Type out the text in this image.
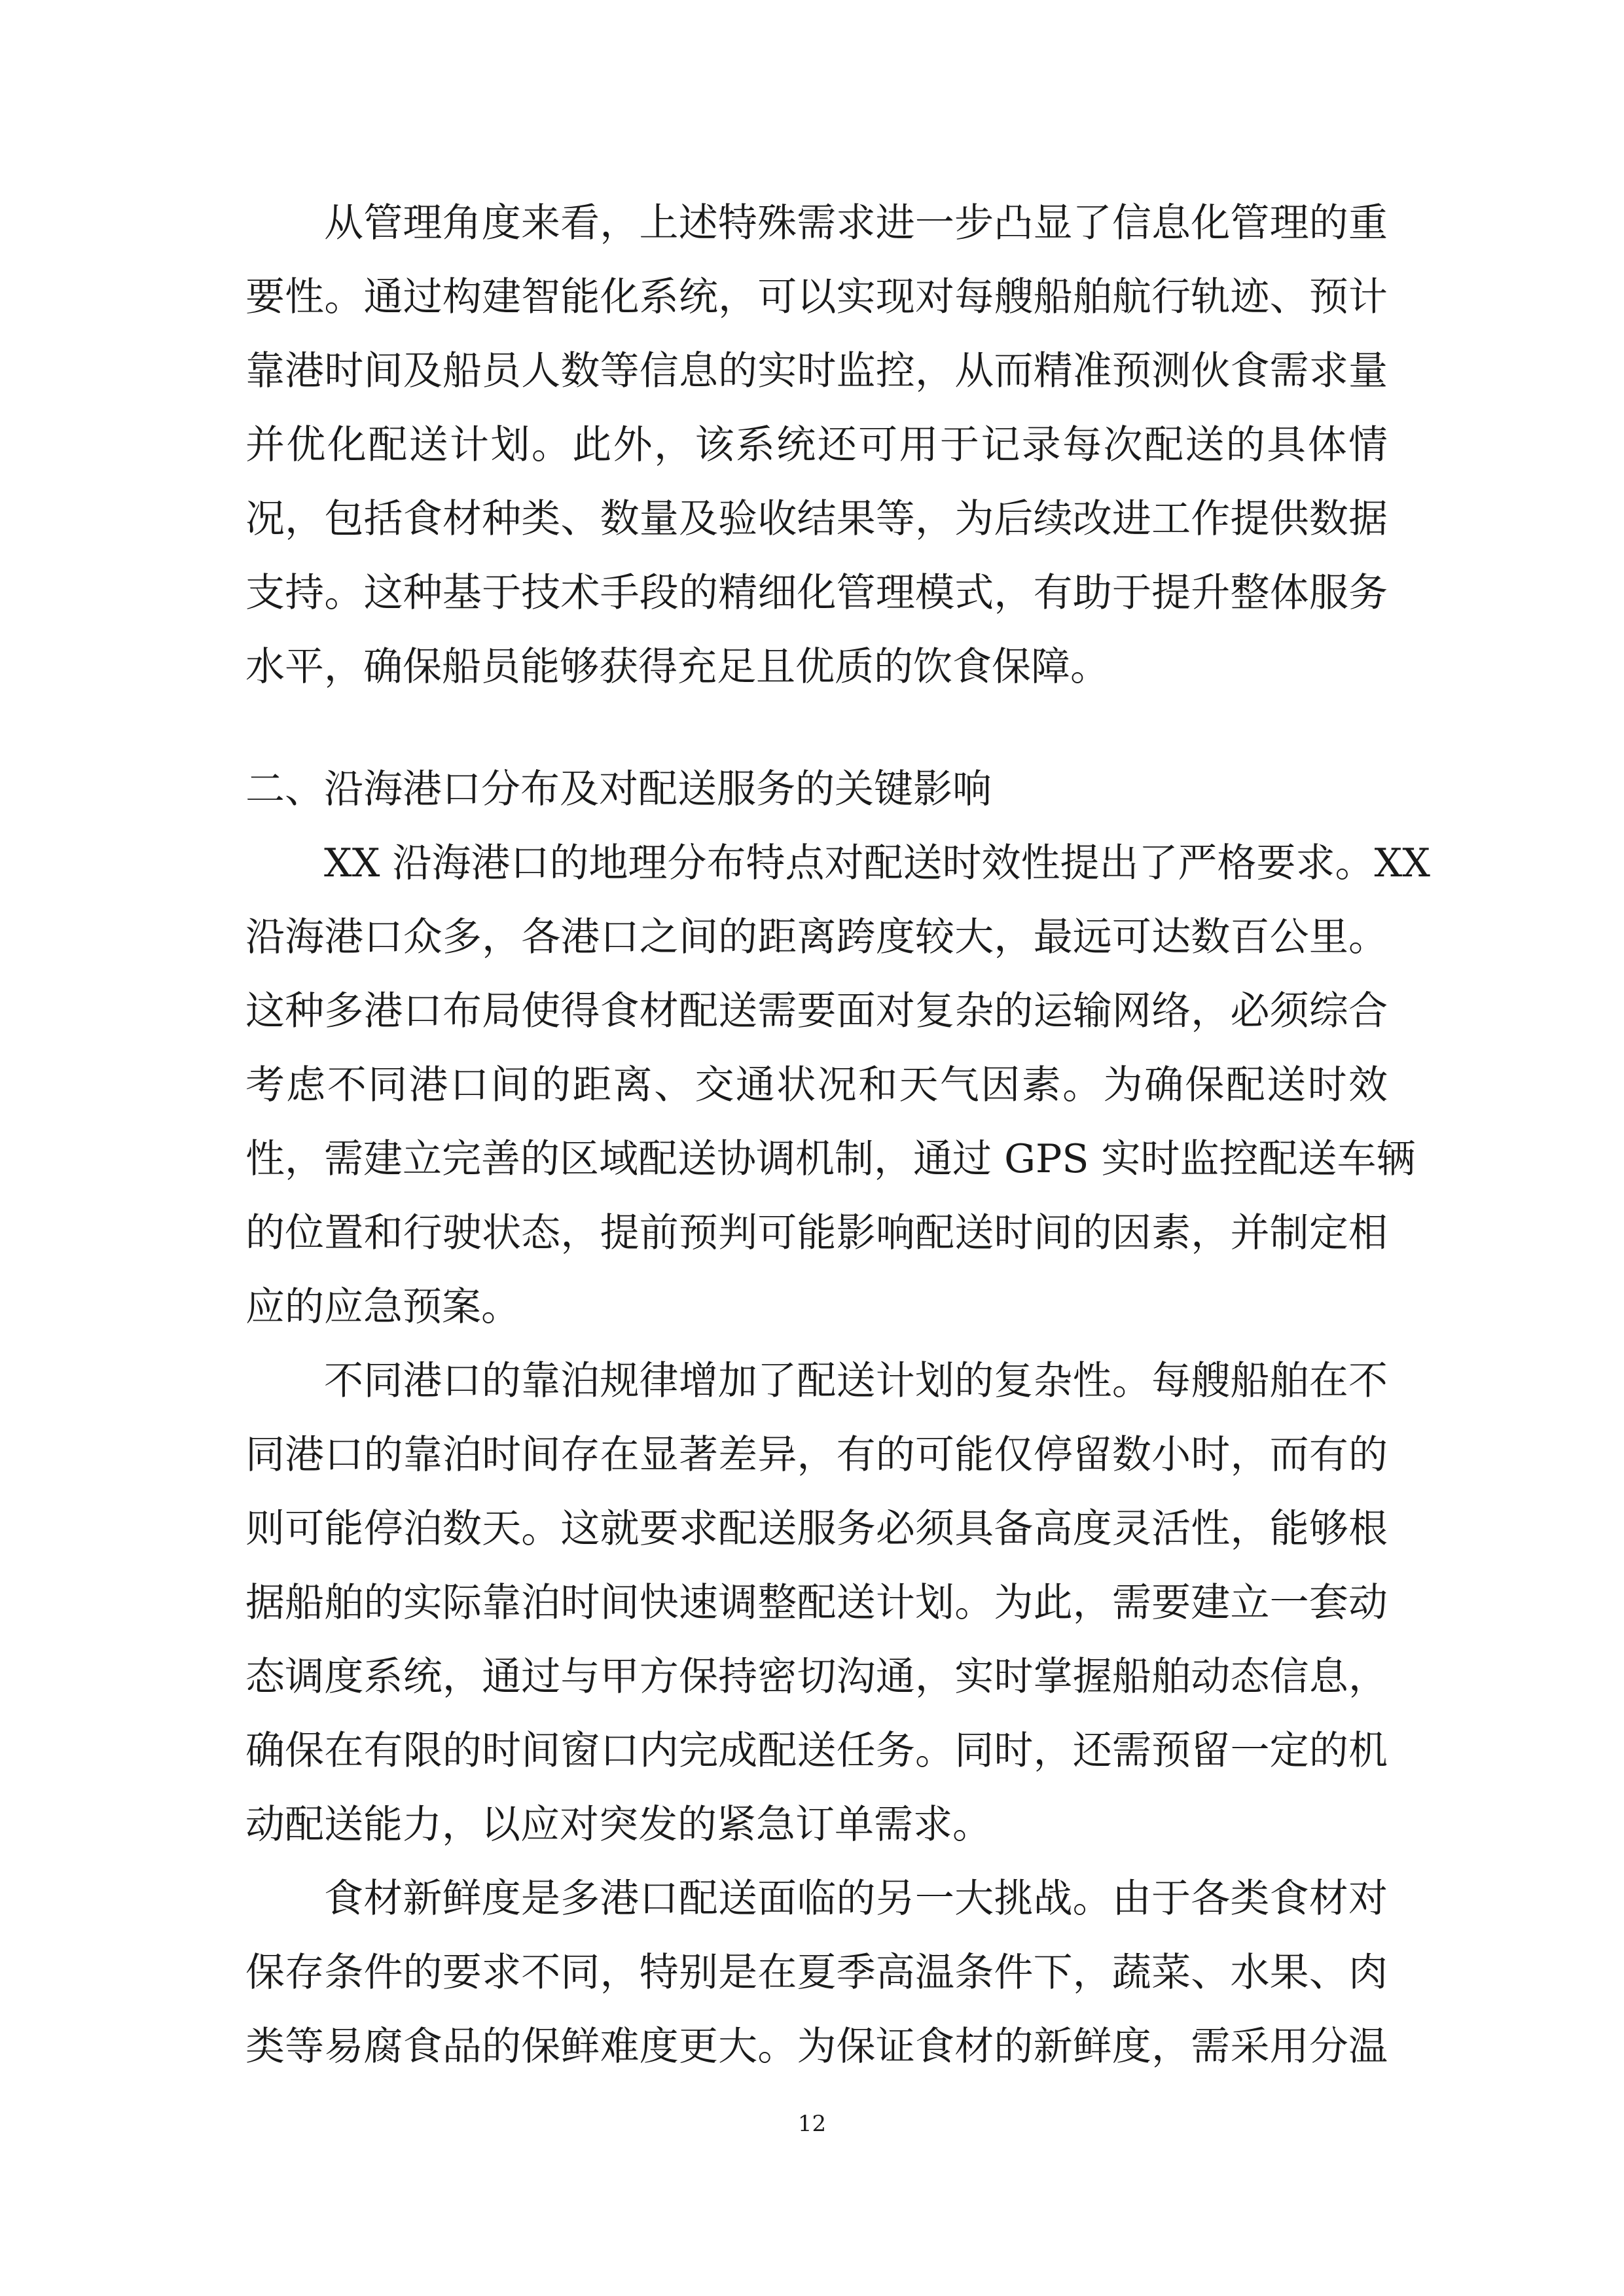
从管理角度来看，上述特殊需求进一步凸显了信息化管理的重
要性。通过构建智能化系统，可以实现对每艘船舶航行轨迹、预计
靠港时间及船员人数等信息的实时监控，从而精准预测伙食需求量
并优化配送计划。此外，该系统还可用于记录每次配送的具体情
况，包括食材种类、数量及验收结果等，为后续改进工作提供数据
支持。这种基于技术手段的精细化管理模式，有助于提升整体服务
水平，确保船员能够获得充足且优质的饮食保障。
二、沿海港口分布及对配送服务的关键影响
XX 沿海港口的地理分布特点对配送时效性提出了严格要求。XX
沿海港口众多，各港口之间的距离跨度较大，最远可达数百公里。
这种多港口布局使得食材配送需要面对复杂的运输网络，必须综合
考虑不同港口间的距离、交通状况和天气因素。为确保配送时效
性，需建立完善的区域配送协调机制，通过 GPS 实时监控配送车辆
的位置和行驶状态，提前预判可能影响配送时间的因素，并制定相
应的应急预案。
不同港口的靠泊规律增加了配送计划的复杂性。每艘船舶在不
同港口的靠泊时间存在显著差异，有的可能仅停留数小时，而有的
则可能停泊数天。这就要求配送服务必须具备高度灵活性，能够根
据船舶的实际靠泊时间快速调整配送计划。为此，需要建立一套动
态调度系统，通过与甲方保持密切沟通，实时掌握船舶动态信息，
确保在有限的时间窗口内完成配送任务。同时，还需预留一定的机
动配送能力，以应对突发的紧急订单需求。
食材新鲜度是多港口配送面临的另一大挑战。由于各类食材对
保存条件的要求不同，特别是在夏季高温条件下，蔬菜、水果、肉
类等易腐食品的保鲜难度更大。为保证食材的新鲜度，需采用分温
12
